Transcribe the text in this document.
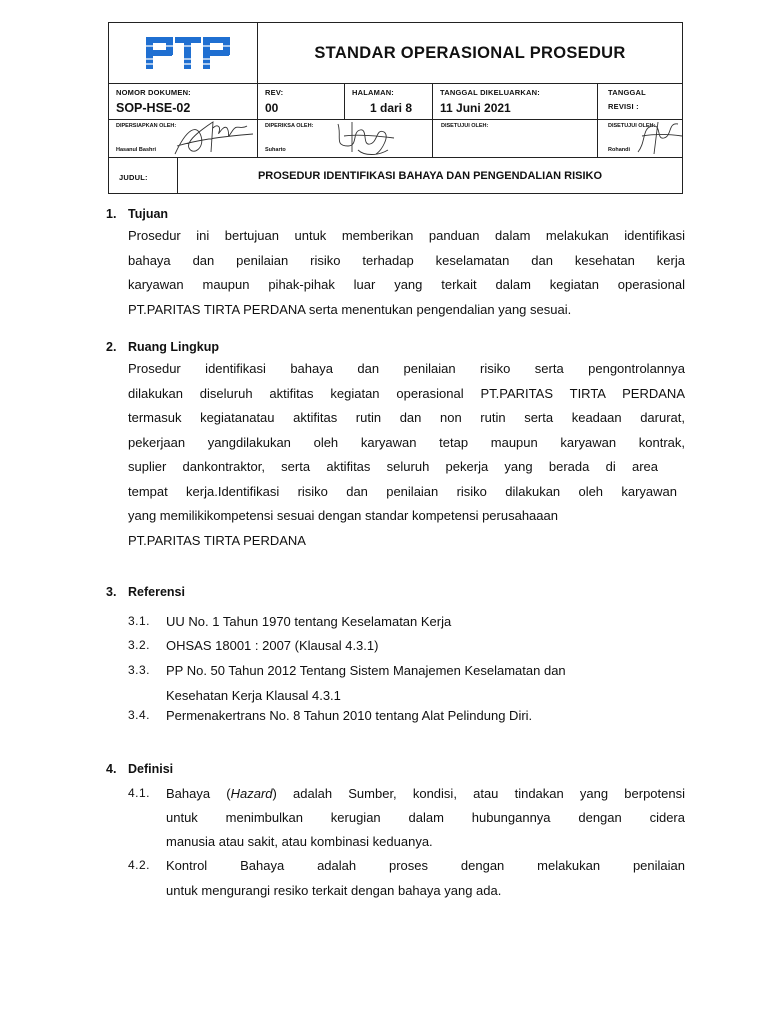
STANDAR OPERASIONAL PROSEDUR
NOMOR DOKUMEN:
SOP-HSE-02
REV:
00
HALAMAN:
1 dari 8
TANGGAL DIKELUARKAN:
11 Juni 2021
TANGGAL
REVISI :
DIPERSIAPKAN OLEH:
Hasanul Bashri
DIPERIKSA OLEH:
Suharto
DISETUJUI OLEH:	DISETUJUI OLEH:
Rohandi
JUDUL:	PROSEDUR IDENTIFIKASI BAHAYA DAN PENGENDALIAN RISIKO
1. Tujuan
Prosedur ini bertujuan untuk memberikan panduan dalam melakukan identifikasi
bahaya dan penilaian risiko terhadap keselamatan dan kesehatan kerja
karyawan maupun pihak-pihak luar yang terkait dalam kegiatan operasional
PT.PARITAS TIRTA PERDANA serta menentukan pengendalian yang sesuai.
2. Ruang Lingkup
Prosedur identifikasi bahaya dan penilaian risiko serta pengontrolannya
dilakukan diseluruh aktifitas kegiatan operasional PT.PARITAS TIRTA PERDANA
termasuk kegiatanatau aktifitas rutin dan non rutin serta keadaan darurat,
pekerjaan yangdilakukan oleh karyawan tetap maupun karyawan kontrak,
suplier dankontraktor, serta aktifitas seluruh pekerja yang berada di area
tempat kerja.Identifikasi risiko dan penilaian risiko dilakukan oleh karyawan
yang memilikikompetensi sesuai dengan standar kompetensi perusahaaan
PT.PARITAS TIRTA PERDANA
3. Referensi
3.1. UU No. 1 Tahun 1970 tentang Keselamatan Kerja
3.2. OHSAS 18001 : 2007 (Klausal 4.3.1)
3.3. PP No. 50 Tahun 2012 Tentang Sistem Manajemen Keselamatan dan
Kesehatan Kerja Klausal 4.3.1
3.4. Permenakertrans No. 8 Tahun 2010 tentang Alat Pelindung Diri.
4. Definisi
4.1. Bahaya (Hazard) adalah Sumber, kondisi, atau tindakan yang berpotensi
untuk menimbulkan kerugian dalam hubungannya dengan cidera
manusia atau sakit, atau kombinasi keduanya.
4.2. Kontrol Bahaya adalah proses dengan melakukan penilaian
untuk mengurangi resiko terkait dengan bahaya yang ada.
